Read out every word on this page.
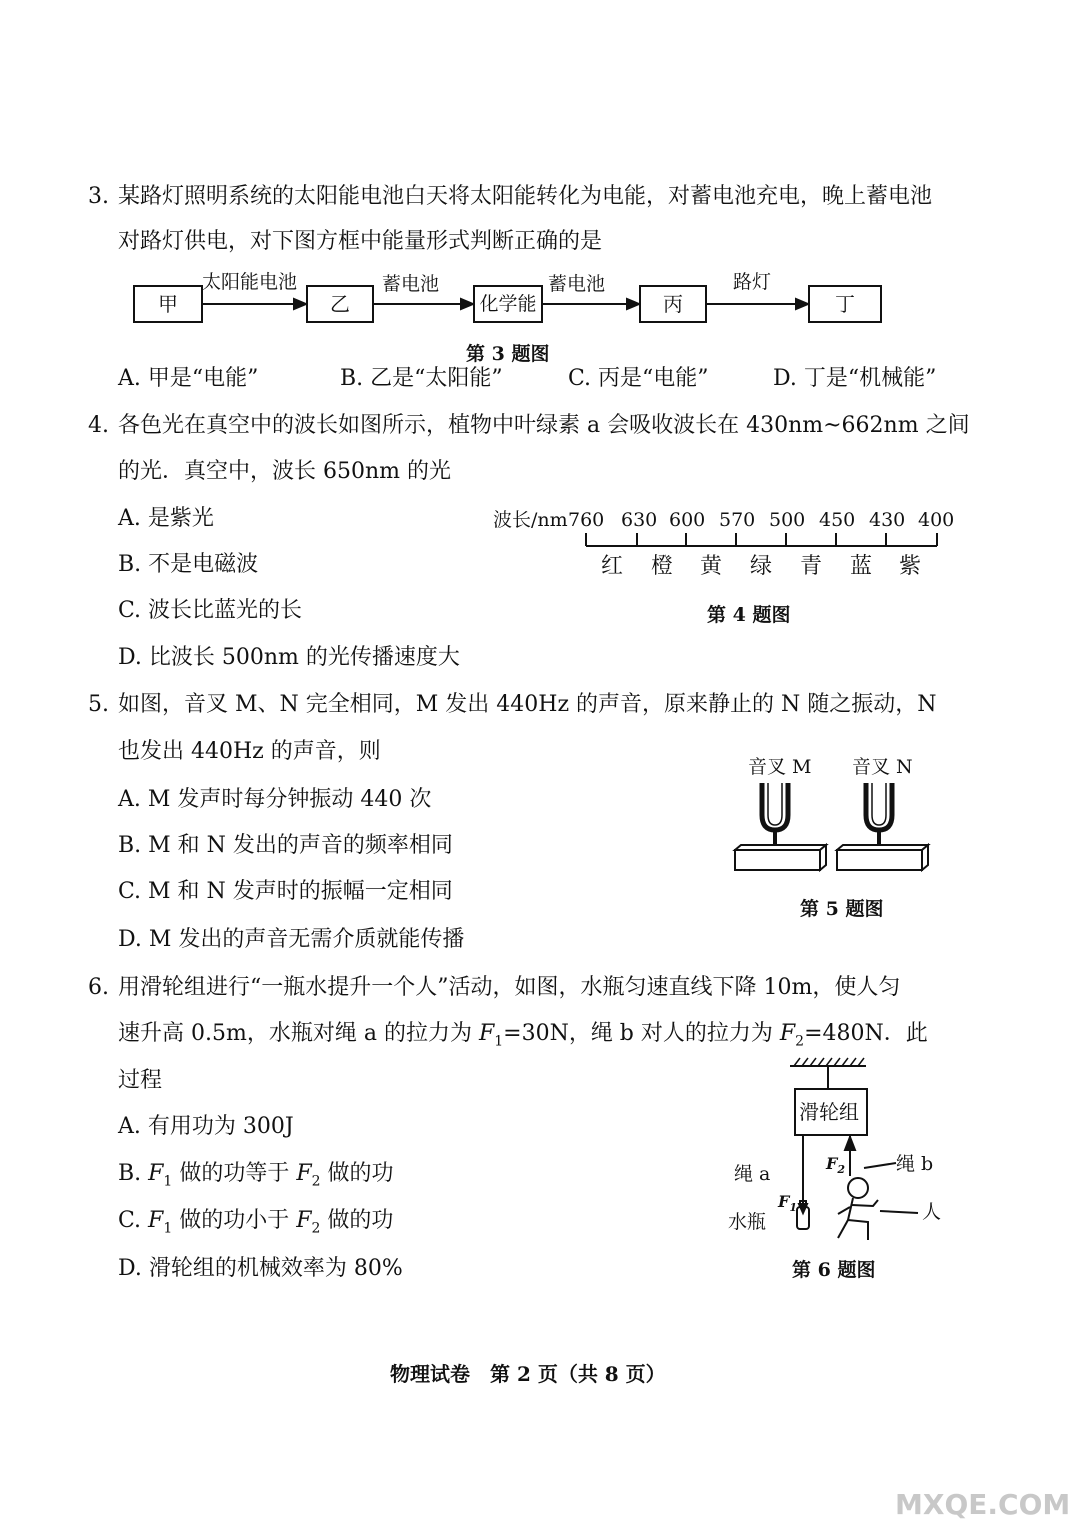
3. 某路灯照明系统的太阳能电池白天将太阳能转化为电能，对蓄电池充电，晚上蓄电池
对路灯供电，对下图方框中能量形式判断正确的是
甲	乙	化学能	丙	丁
太阳能电池	蓄电池	蓄电池	路灯
第 3 题图
A. 甲是“电能”	B. 乙是“太阳能”	C. 丙是“电能”	D. 丁是“机械能”
4. 各色光在真空中的波长如图所示，植物中叶绿素 a 会吸收波长在 430nm~662nm 之间
的光．真空中，波长 650nm 的光
A. 是紫光
B. 不是电磁波
C. 波长比蓝光的长
D. 比波长 500nm 的光传播速度大
波长/nm 760 630 600 570 500 450 430 400
红 橙 黄 绿 青 蓝 紫
第 4 题图
5. 如图，音叉 M、N 完全相同，M 发出 440Hz 的声音，原来静止的 N 随之振动，N
也发出 440Hz 的声音，则
A. M 发声时每分钟振动 440 次
B. M 和 N 发出的声音的频率相同
C. M 和 N 发声时的振幅一定相同
D. M 发出的声音无需介质就能传播
音叉 M 音叉 N
第 5 题图
6. 用滑轮组进行“一瓶水提升一个人”活动，如图，水瓶匀速直线下降 10m，使人匀
速升高 0.5m，水瓶对绳 a 的拉力为 $F_1=30N$，绳 b 对人的拉力为 $F_2=480N$．此
过程
A. 有用功为 300J
B. $F_1$ 做的功等于 $F_2$ 做的功
C. $F_1$ 做的功小于 $F_2$ 做的功
D. 滑轮组的机械效率为 80%
滑轮组
绳 a	绳 b
$F_2$
$F_1$
水瓶	人
第 6 题图
物理试卷　第 2 页（共 8 页）
MXQE.COM
